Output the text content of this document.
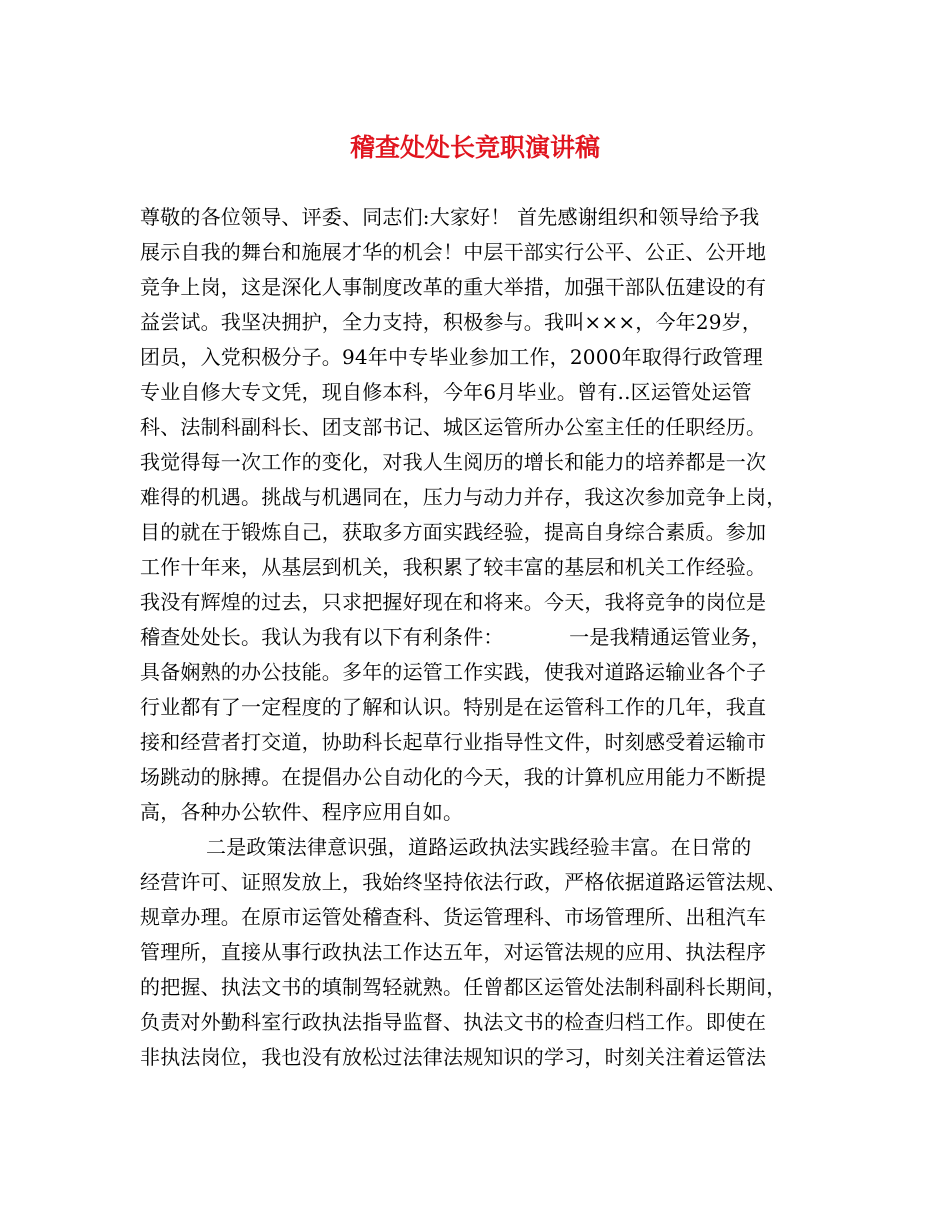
稽查处处长竞职演讲稿
尊敬的各位领导、评委、同志们:大家好！ 首先感谢组织和领导给予我
展示自我的舞台和施展才华的机会！中层干部实行公平、公正、公开地
竞争上岗，这是深化人事制度改革的重大举措，加强干部队伍建设的有
益尝试。我坚决拥护，全力支持，积极参与。我叫×××，今年29岁，
团员，入党积极分子。94年中专毕业参加工作，2000年取得行政管理
专业自修大专文凭，现自修本科，今年6月毕业。曾有..区运管处运管
科、法制科副科长、团支部书记、城区运管所办公室主任的任职经历。
我觉得每一次工作的变化，对我人生阅历的增长和能力的培养都是一次
难得的机遇。挑战与机遇同在，压力与动力并存，我这次参加竞争上岗，
目的就在于锻炼自己，获取多方面实践经验，提高自身综合素质。参加
工作十年来，从基层到机关，我积累了较丰富的基层和机关工作经验。
我没有辉煌的过去，只求把握好现在和将来。今天，我将竞争的岗位是
稽查处处长。我认为我有以下有利条件：          一是我精通运管业务，
具备娴熟的办公技能。多年的运管工作实践，使我对道路运输业各个子
行业都有了一定程度的了解和认识。特别是在运管科工作的几年，我直
接和经营者打交道，协助科长起草行业指导性文件，时刻感受着运输市
场跳动的脉搏。在提倡办公自动化的今天，我的计算机应用能力不断提
高，各种办公软件、程序应用自如。
二是政策法律意识强，道路运政执法实践经验丰富。在日常的
经营许可、证照发放上，我始终坚持依法行政，严格依据道路运管法规、
规章办理。在原市运管处稽查科、货运管理科、市场管理所、出租汽车
管理所，直接从事行政执法工作达五年，对运管法规的应用、执法程序
的把握、执法文书的填制驾轻就熟。任曾都区运管处法制科副科长期间，
负责对外勤科室行政执法指导监督、执法文书的检查归档工作。即使在
非执法岗位，我也没有放松过法律法规知识的学习，时刻关注着运管法
